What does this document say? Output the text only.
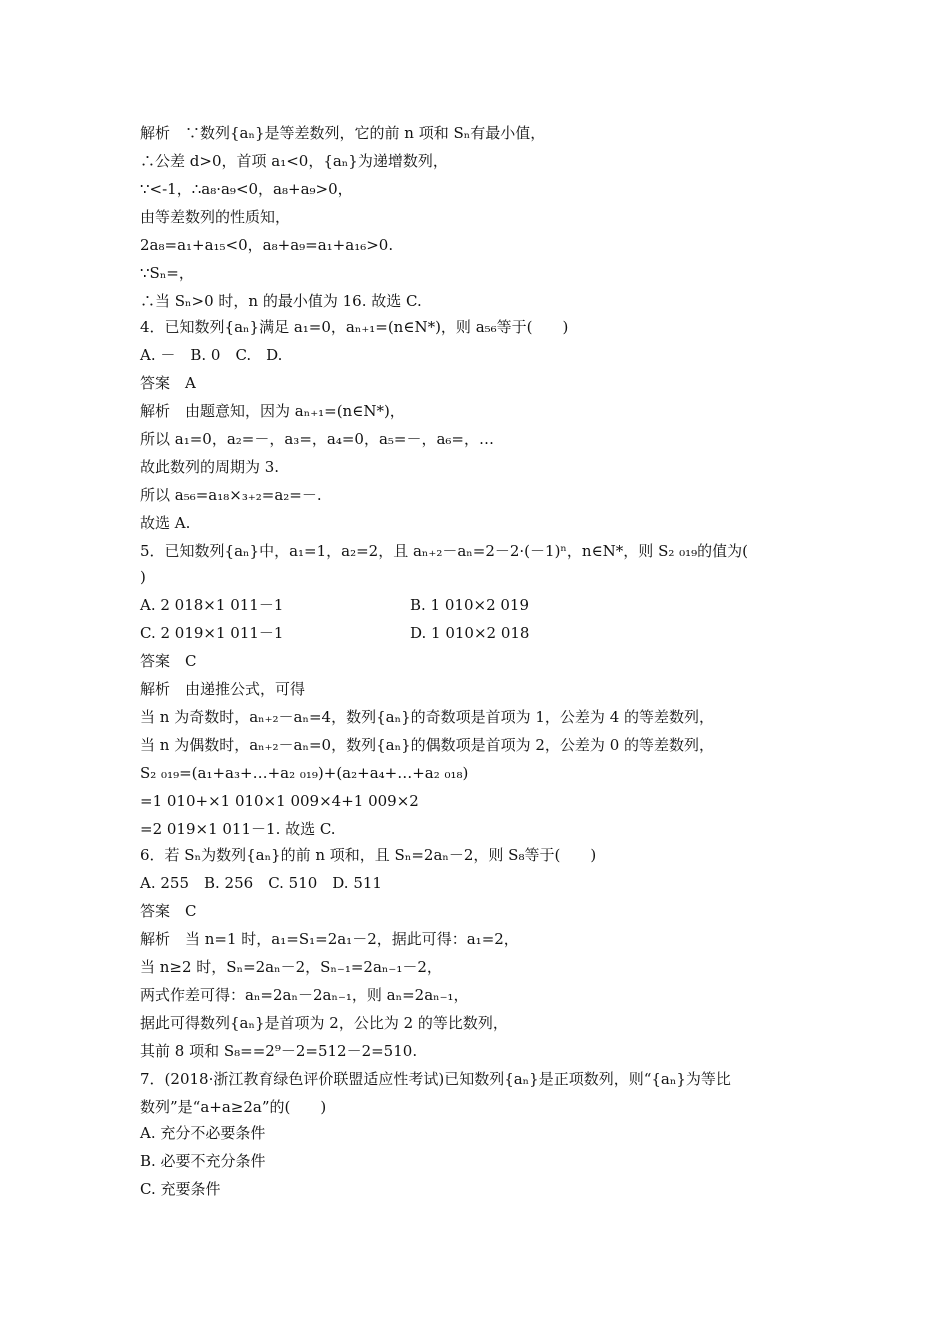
解析　∵数列{aₙ}是等差数列，它的前 n 项和 Sₙ有最小值，
∴公差 d>0，首项 a₁<0，{aₙ}为递增数列，
∵<-1，∴a₈·a₉<0，a₈+a₉>0，
由等差数列的性质知，
2a₈=a₁+a₁₅<0，a₈+a₉=a₁+a₁₆>0.
∵Sₙ=，
∴当 Sₙ>0 时，n 的最小值为 16. 故选 C.
4．已知数列{aₙ}满足 a₁=0，aₙ₊₁=(n∈N*)，则 a₅₆等于(　　)
A. －　B. 0　C.　D.
答案　A
解析　由题意知，因为 aₙ₊₁=(n∈N*)，
所以 a₁=0，a₂=－，a₃=，a₄=0，a₅=－，a₆=，…
故此数列的周期为 3.
所以 a₅₆=a₁₈×₃₊₂=a₂=－.
故选 A.
5．已知数列{aₙ}中，a₁=1，a₂=2，且 aₙ₊₂－aₙ=2－2·(－1)ⁿ，n∈N*，则 S₂ ₀₁₉的值为(
)
A. 2 018×1 011－1	B. 1 010×2 019
C. 2 019×1 011－1	D. 1 010×2 018
答案　C
解析　由递推公式，可得
当 n 为奇数时，aₙ₊₂－aₙ=4，数列{aₙ}的奇数项是首项为 1，公差为 4 的等差数列，
当 n 为偶数时，aₙ₊₂－aₙ=0，数列{aₙ}的偶数项是首项为 2，公差为 0 的等差数列，
S₂ ₀₁₉=(a₁+a₃+…+a₂ ₀₁₉)+(a₂+a₄+…+a₂ ₀₁₈)
=1 010+×1 010×1 009×4+1 009×2
=2 019×1 011－1. 故选 C.
6．若 Sₙ为数列{aₙ}的前 n 项和，且 Sₙ=2aₙ－2，则 S₈等于(　　)
A. 255　B. 256　C. 510　D. 511
答案　C
解析　当 n=1 时，a₁=S₁=2a₁－2，据此可得：a₁=2，
当 n≥2 时，Sₙ=2aₙ－2，Sₙ₋₁=2aₙ₋₁－2，
两式作差可得：aₙ=2aₙ－2aₙ₋₁，则 aₙ=2aₙ₋₁，
据此可得数列{aₙ}是首项为 2，公比为 2 的等比数列，
其前 8 项和 S₈==2⁹－2=512－2=510.
7．(2018·浙江教育绿色评价联盟适应性考试)已知数列{aₙ}是正项数列，则“{aₙ}为等比
数列”是“a+a≥2a”的(　　)
A. 充分不必要条件
B. 必要不充分条件
C. 充要条件
